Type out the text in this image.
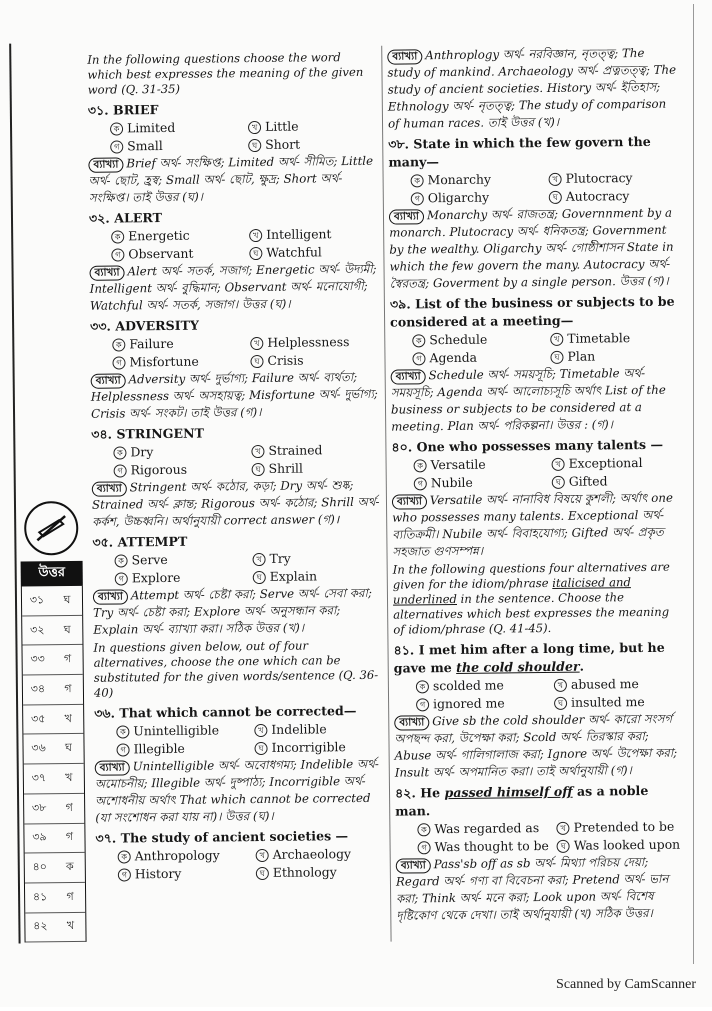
In the following questions choose the word which best expresses the meaning of the given word (Q. 31-35)
৩১. BRIEF
ক Limited	খ Little
গ Small	ঘ Short
ব্যাখ্যা Brief অর্থ- সংক্ষিপ্ত; Limited অর্থ- সীমিত; Little অর্থ- ছোট, হ্রস্ব; Small অর্থ- ছোট, ক্ষুদ্র; Short অর্থ- সংক্ষিপ্ত। তাই উত্তর (ঘ)।
৩২. ALERT
ক Energetic	খ Intelligent
গ Observant	ঘ Watchful
ব্যাখ্যা Alert অর্থ- সতর্ক, সজাগ; Energetic অর্থ- উদ্যমী; Intelligent অর্থ- বুদ্ধিমান; Observant অর্থ- মনোযোগী; Watchful অর্থ- সতর্ক, সজাগ। উত্তর (ঘ)।
৩৩. ADVERSITY
ক Failure	খ Helplessness
গ Misfortune	ঘ Crisis
ব্যাখ্যা Adversity অর্থ- দুর্ভাগ্য; Failure অর্থ- ব্যর্থতা; Helplessness অর্থ- অসহায়ত্ব; Misfortune অর্থ- দুর্ভাগ্য; Crisis অর্থ- সংকট। তাই উত্তর (গ)।
৩৪. STRINGENT
ক Dry	খ Strained
গ Rigorous	ঘ Shrill
ব্যাখ্যা Stringent অর্থ- কঠোর, কড়া; Dry অর্থ- শুষ্ক; Strained অর্থ- ক্লান্ত; Rigorous অর্থ- কঠোর; Shrill অর্থ- কর্কশ, উচ্চধ্বনি। অর্থানুযায়ী correct answer (গ)।
৩৫. ATTEMPT
ক Serve	খ Try
গ Explore	ঘ Explain
ব্যাখ্যা Attempt অর্থ- চেষ্টা করা; Serve অর্থ- সেবা করা; Try অর্থ- চেষ্টা করা; Explore অর্থ- অনুসন্ধান করা; Explain অর্থ- ব্যাখ্যা করা। সঠিক উত্তর (খ)।
In questions given below, out of four alternatives, choose the one which can be substituted for the given words/sentence (Q. 36-40)
৩৬. That which cannot be corrected—
ক Unintelligible	খ Indelible
গ Illegible	ঘ Incorrigible
ব্যাখ্যা Unintelligible অর্থ- অবোধগম্য; Indelible অর্থ- অমোচনীয়; Illegible অর্থ- দুষ্পাঠ্য; Incorrigible অর্থ- অশোধনীয় অর্থাৎ That which cannot be corrected (যা সংশোধন করা যায় না)। উত্তর (ঘ)।
৩৭. The study of ancient societies —
ক Anthropology	খ Archaeology
গ History	ঘ Ethnology
ব্যাখ্যা Anthroplogy অর্থ- নরবিজ্ঞান, নৃতত্ত্ব; The study of mankind. Archaeology অর্থ- প্রত্নতত্ত্ব; The study of ancient societies. History অর্থ- ইতিহাস; Ethnology অর্থ- নৃতত্ত্ব; The study of comparison of human races. তাই উত্তর (খ)।
৩৮. State in which the few govern the many—
ক Monarchy	খ Plutocracy
গ Oligarchy	ঘ Autocracy
ব্যাখ্যা Monarchy অর্থ- রাজতন্ত্র; Governnment by a monarch. Plutocracy অর্থ- ধনিকতন্ত্র; Government by the wealthy. Oligarchy অর্থ- গোষ্ঠীশাসন State in which the few govern the many. Autocracy অর্থ- স্বৈরতন্ত্র; Goverment by a single person. উত্তর (গ)।
৩৯. List of the business or subjects to be considered at a meeting—
ক Schedule	খ Timetable
গ Agenda	ঘ Plan
ব্যাখ্যা Schedule অর্থ- সময়সূচি; Timetable অর্থ- সময়সূচি; Agenda অর্থ- আলোচ্যসূচি অর্থাৎ List of the business or subjects to be considered at a meeting. Plan অর্থ- পরিকল্পনা। উত্তর : (গ)।
৪০. One who possesses many talents —
ক Versatile	খ Exceptional
গ Nubile	ঘ Gifted
ব্যাখ্যা Versatile অর্থ- নানাবিধ বিষয়ে কুশলী; অর্থাৎ one who possesses many talents. Exceptional অর্থ- ব্যতিক্রমী। Nubile অর্থ- বিবাহযোগ্য; Gifted অর্থ- প্রকৃত সহজাত গুণসম্পন্ন।
In the following questions four alternatives are given for the idiom/phrase italicised and underlined in the sentence. Choose the alternatives which best expresses the meaning of idiom/phrase (Q. 41-45).
৪১. I met him after a long time, but he gave me the cold shoulder.
ক scolded me	খ abused me
গ ignored me	ঘ insulted me
ব্যাখ্যা Give sb the cold shoulder অর্থ- কারো সংসর্গ অপছন্দ করা, উপেক্ষা করা; Scold অর্থ- তিরস্কার করা; Abuse অর্থ- গালিগালাজ করা; Ignore অর্থ- উপেক্ষা করা; Insult অর্থ- অপমানিত করা। তাই অর্থানুযায়ী (গ)।
৪২. He passed himself off as a noble man.
ক Was regarded as	খ Pretended to be
গ Was thought to be	ঘ Was looked upon
ব্যাখ্যা Pass'sb off as sb অর্থ- মিথ্যা পরিচয় দেয়া; Regard অর্থ- গণ্য বা বিবেচনা করা; Pretend অর্থ- ভান করা; Think অর্থ- মনে করা; Look upon অর্থ- বিশেষ দৃষ্টিকোণ থেকে দেখা। তাই অর্থানুযায়ী (খ) সঠিক উত্তর।
উত্তর
৩১	ঘ
৩২	ঘ
৩৩	গ
৩৪	গ
৩৫	খ
৩৬	ঘ
৩৭	খ
৩৮	গ
৩৯	গ
৪০	ক
৪১	গ
৪২	খ
Scanned by CamScanner
